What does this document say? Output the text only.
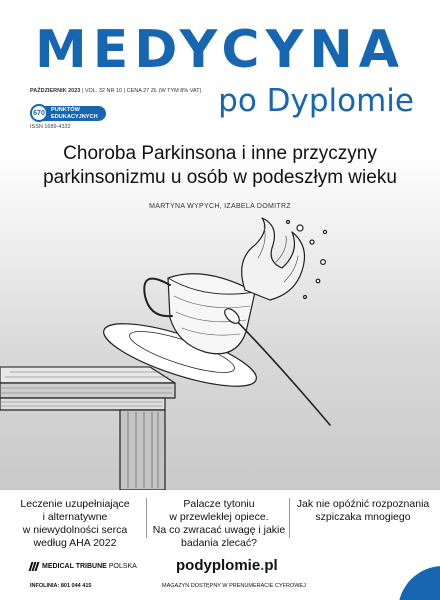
MEDYCYNA
po Dyplomie
PAŹDZIERNIK 2023 | VOL. 32 NR 10 | CENA 27 ZŁ (W TYM 8% VAT)
670	PUNKTÓW
EDUKACYJNYCH
ISSN 1689-4332
Choroba Parkinsona i inne przyczyny
parkinsonizmu u osób w podeszłym wieku
MARTYNA WYPYCH, IZABELA DOMITRZ
Leczenie uzupełniające
i alternatywne
w niewydolności serca
według AHA 2022
Palacze tytoniu
w przewlekłej opiece.
Na co zwracać uwagę i jakie
badania zlecać?
Jak nie opóźnić rozpoznania
szpiczaka mnogiego
MEDICAL TRIBUNE POLSKA
INFOLINIA: 801 044 415
podyplomie.pl
MAGAZYN DOSTĘPNY W PRENUMERACIE CYFROWEJ
